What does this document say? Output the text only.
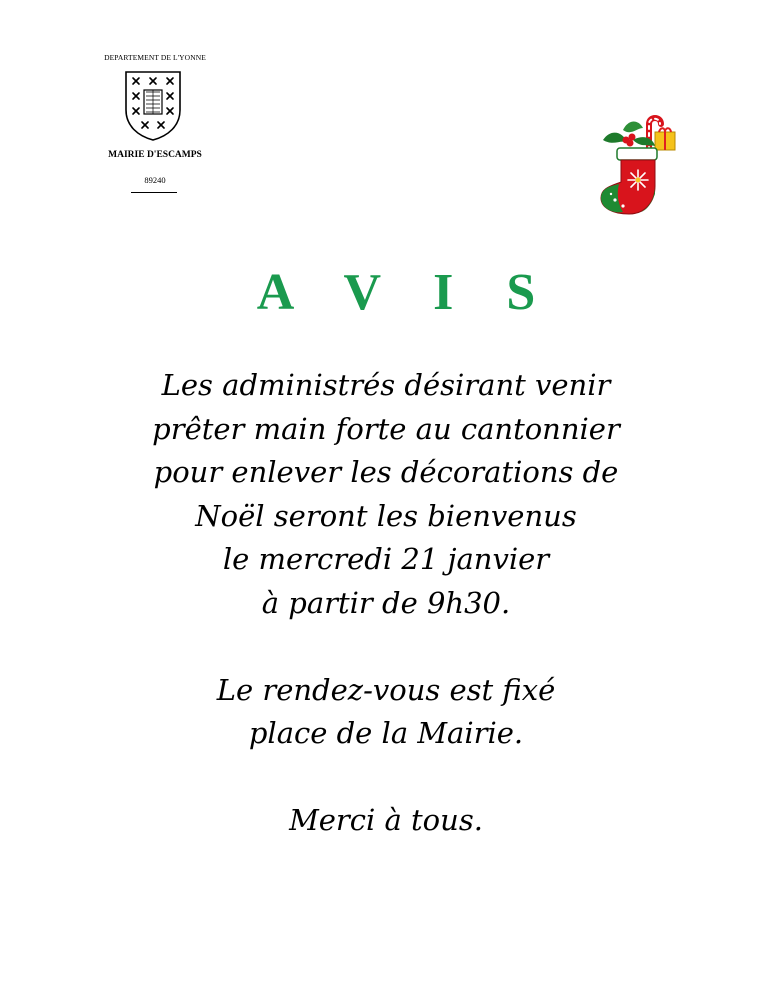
DEPARTEMENT DE L'YONNE
MAIRIE D'ESCAMPS
89240
A V I S
Les administrés désirant venir
prêter main forte au cantonnier
pour enlever les décorations de
Noël seront les bienvenus
le mercredi 21 janvier
à partir de 9h30.
Le rendez-vous est fixé
place de la Mairie.
Merci à tous.
